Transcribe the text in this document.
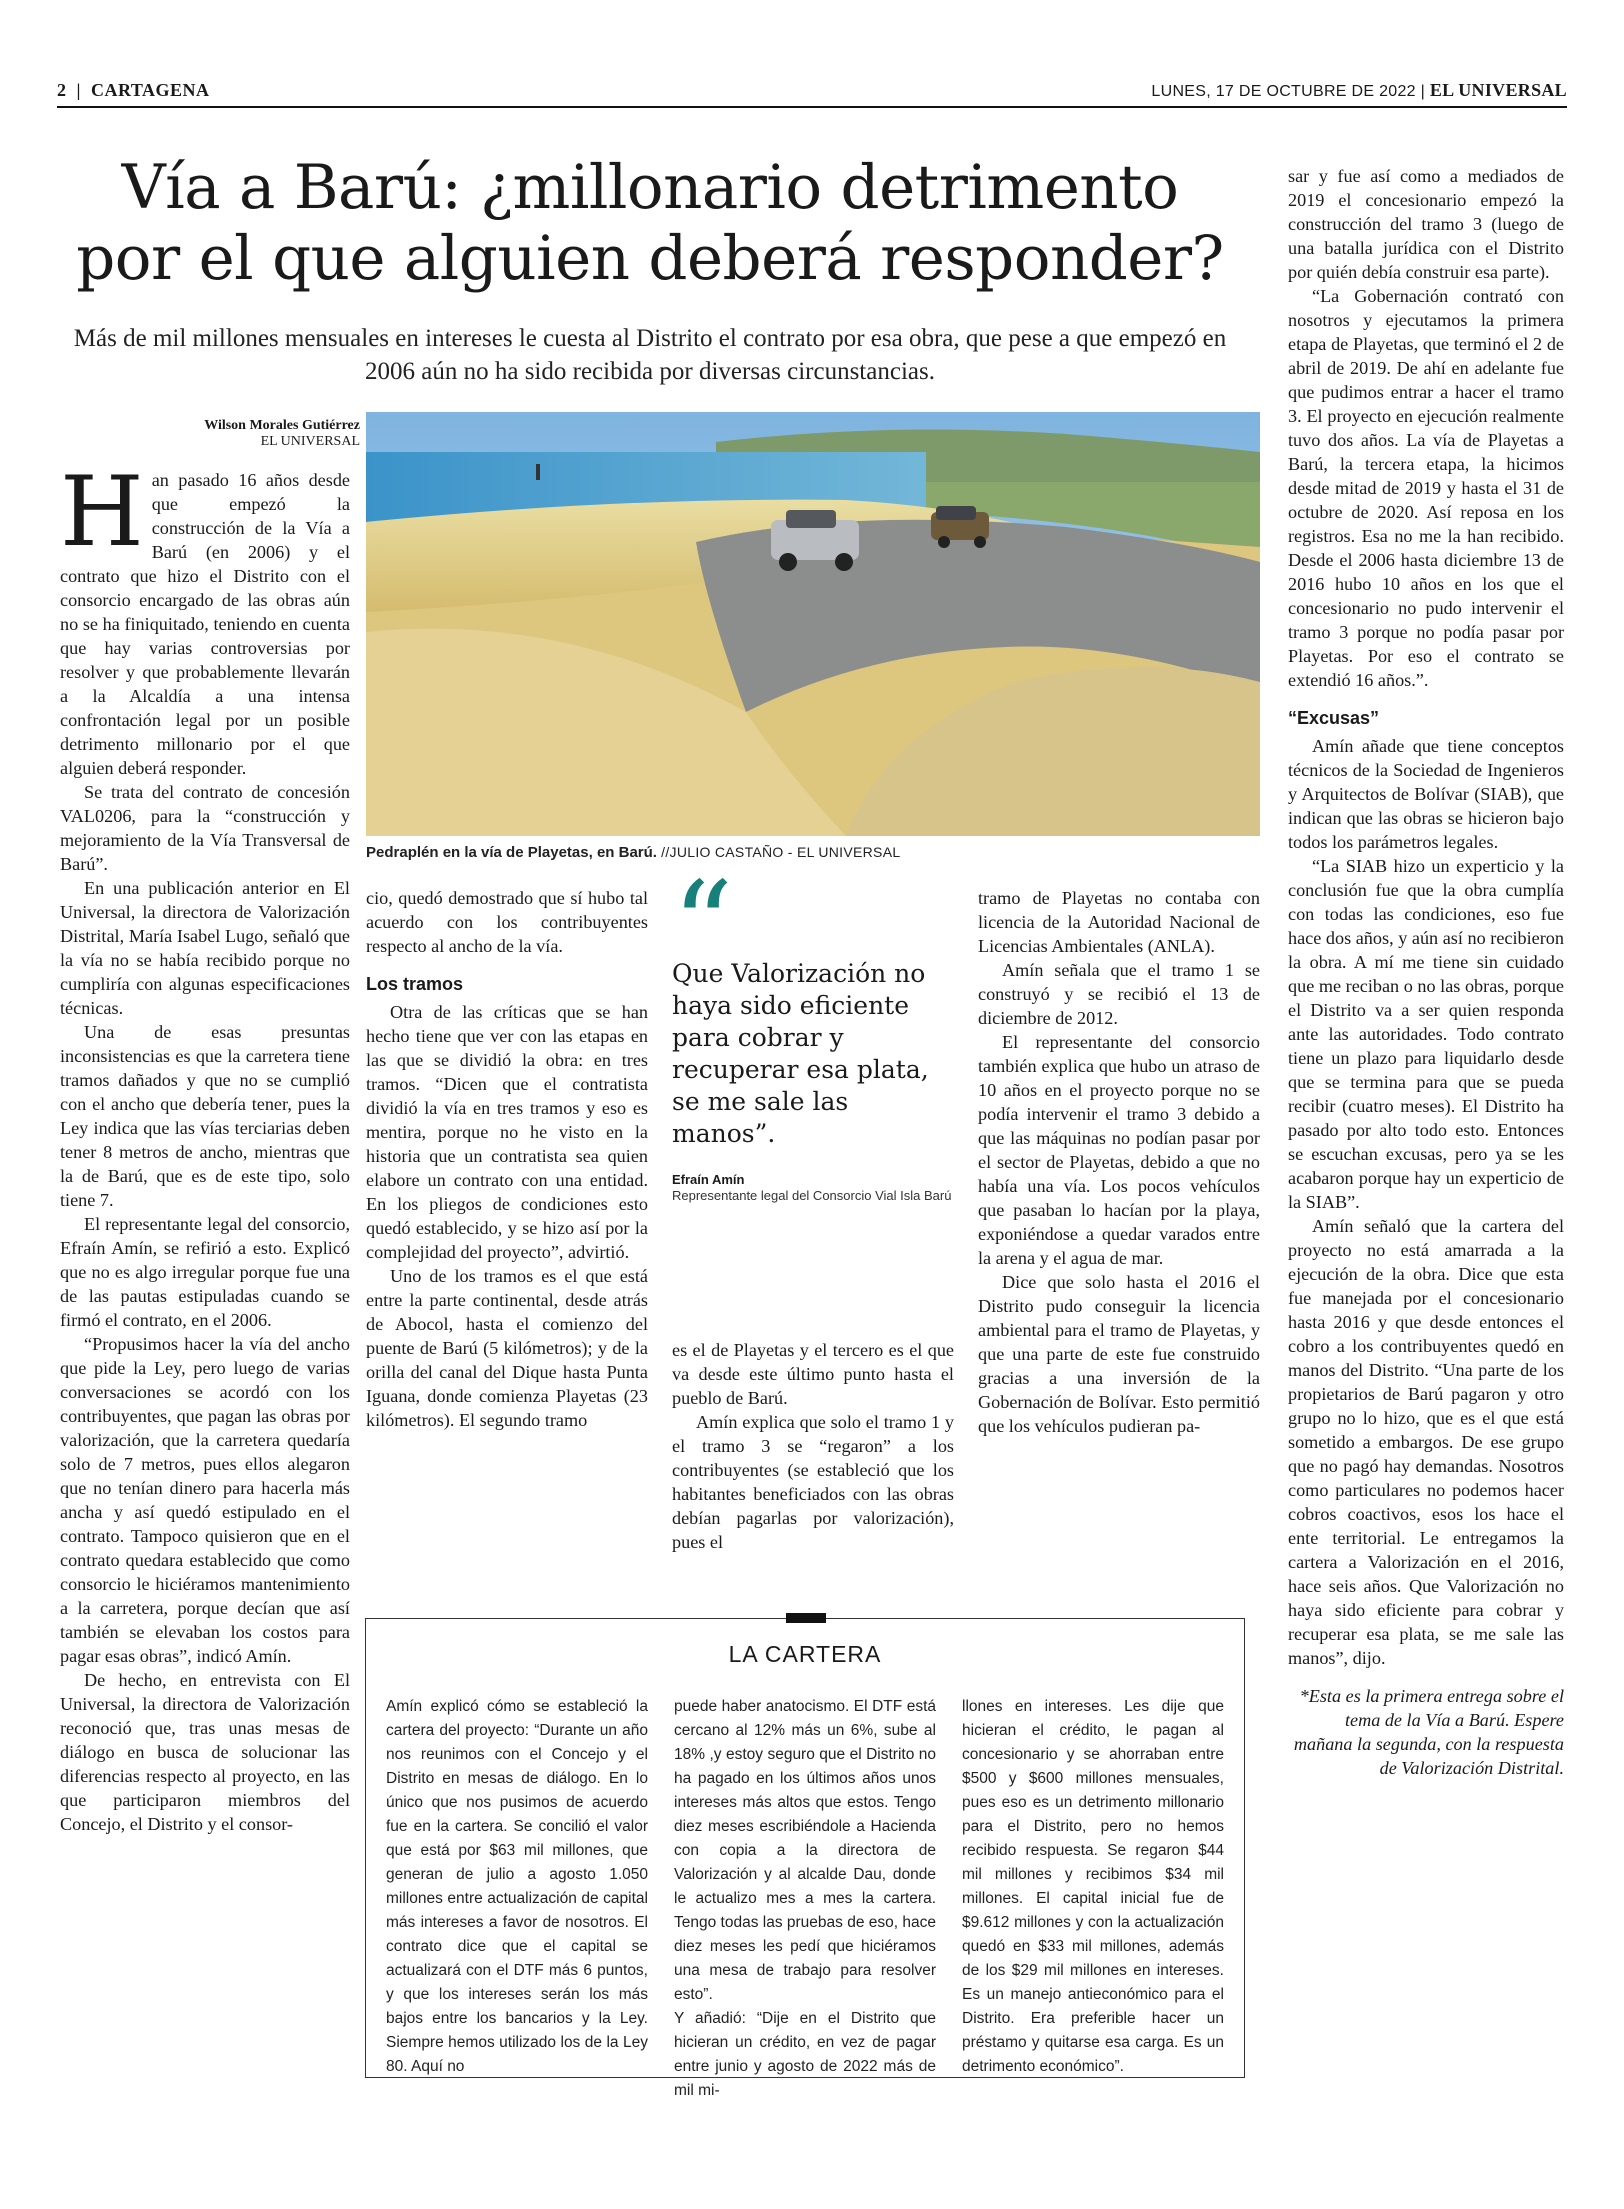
2  |  CARTAGENA	LUNES, 17 DE OCTUBRE DE 2022 | EL UNIVERSAL
Vía a Barú: ¿millonario detrimento
por el que alguien deberá responder?
Más de mil millones mensuales en intereses le cuesta al Distrito el contrato por esa obra, que pese a que empezó en 2006 aún no ha sido recibida por diversas circunstancias.
Wilson Morales Gutiérrez
EL UNIVERSAL
Pedraplén en la vía de Playetas, en Barú. //JULIO CASTAÑO - EL UNIVERSAL
H an pasado 16 años desde que empezó la construcción de la Vía a Barú (en 2006) y el contrato que hizo el Distrito con el consorcio encargado de las obras aún no se ha finiquitado, teniendo en cuenta que hay varias controversias por resolver y que probablemente llevarán a la Alcaldía a una intensa confrontación legal por un posible detrimento millonario por el que alguien deberá responder.

Se trata del contrato de concesión VAL0206, para la “construcción y mejoramiento de la Vía Transversal de Barú”.

En una publicación anterior en El Universal, la directora de Valorización Distrital, María Isabel Lugo, señaló que la vía no se había recibido porque no cumpliría con algunas especificaciones técnicas.

Una de esas presuntas inconsistencias es que la carretera tiene tramos dañados y que no se cumplió con el ancho que debería tener, pues la Ley indica que las vías terciarias deben tener 8 metros de ancho, mientras que la de Barú, que es de este tipo, solo tiene 7.

El representante legal del consorcio, Efraín Amín, se refirió a esto. Explicó que no es algo irregular porque fue una de las pautas estipuladas cuando se firmó el contrato, en el 2006.

“Propusimos hacer la vía del ancho que pide la Ley, pero luego de varias conversaciones se acordó con los contribuyentes, que pagan las obras por valorización, que la carretera quedaría solo de 7 metros, pues ellos alegaron que no tenían dinero para hacerla más ancha y así quedó estipulado en el contrato. Tampoco quisieron que en el contrato quedara establecido que como consorcio le hiciéramos mantenimiento a la carretera, porque decían que así también se elevaban los costos para pagar esas obras”, indicó Amín.

De hecho, en entrevista con El Universal, la directora de Valorización reconoció que, tras unas mesas de diálogo en busca de solucionar las diferencias respecto al proyecto, en las que participaron miembros del Concejo, el Distrito y el consor-

cio, quedó demostrado que sí hubo tal acuerdo con los contribuyentes respecto al ancho de la vía.

Los tramos

Otra de las críticas que se han hecho tiene que ver con las etapas en las que se dividió la obra: en tres tramos. “Dicen que el contratista dividió la vía en tres tramos y eso es mentira, porque no he visto en la historia que un contratista sea quien elabore un contrato con una entidad. En los pliegos de condiciones esto quedó establecido, y se hizo así por la complejidad del proyecto”, advirtió.

Uno de los tramos es el que está entre la parte continental, desde atrás de Abocol, hasta el comienzo del puente de Barú (5 kilómetros); y de la orilla del canal del Dique hasta Punta Iguana, donde comienza Playetas (23 kilómetros). El segundo tramo

“
Que Valorización no haya sido eficiente para cobrar y recuperar esa plata, se me sale las manos”.
Efraín Amín
Representante legal del Consorcio Vial Isla Barú

es el de Playetas y el tercero es el que va desde este último punto hasta el pueblo de Barú.

Amín explica que solo el tramo 1 y el tramo 3 se “regaron” a los contribuyentes (se estableció que los habitantes beneficiados con las obras debían pagarlas por valorización), pues el

tramo de Playetas no contaba con licencia de la Autoridad Nacional de Licencias Ambientales (ANLA).

Amín señala que el tramo 1 se construyó y se recibió el 13 de diciembre de 2012.

El representante del consorcio también explica que hubo un atraso de 10 años en el proyecto porque no se podía intervenir el tramo 3 debido a que las máquinas no podían pasar por el sector de Playetas, debido a que no había una vía. Los pocos vehículos que pasaban lo hacían por la playa, exponiéndose a quedar varados entre la arena y el agua de mar.

Dice que solo hasta el 2016 el Distrito pudo conseguir la licencia ambiental para el tramo de Playetas, y que una parte de este fue construido gracias a una inversión de la Gobernación de Bolívar. Esto permitió que los vehículos pudieran pa-

sar y fue así como a mediados de 2019 el concesionario empezó la construcción del tramo 3 (luego de una batalla jurídica con el Distrito por quién debía construir esa parte).

“La Gobernación contrató con nosotros y ejecutamos la primera etapa de Playetas, que terminó el 2 de abril de 2019. De ahí en adelante fue que pudimos entrar a hacer el tramo 3. El proyecto en ejecución realmente tuvo dos años. La vía de Playetas a Barú, la tercera etapa, la hicimos desde mitad de 2019 y hasta el 31 de octubre de 2020. Así reposa en los registros. Esa no me la han recibido. Desde el 2006 hasta diciembre 13 de 2016 hubo 10 años en los que el concesionario no pudo intervenir el tramo 3 porque no podía pasar por Playetas. Por eso el contrato se extendió 16 años.”.

“Excusas”

Amín añade que tiene conceptos técnicos de la Sociedad de Ingenieros y Arquitectos de Bolívar (SIAB), que indican que las obras se hicieron bajo todos los parámetros legales.

“La SIAB hizo un experticio y la conclusión fue que la obra cumplía con todas las condiciones, eso fue hace dos años, y aún así no recibieron la obra. A mí me tiene sin cuidado que me reciban o no las obras, porque el Distrito va a ser quien responda ante las autoridades. Todo contrato tiene un plazo para liquidarlo desde que se termina para que se pueda recibir (cuatro meses). El Distrito ha pasado por alto todo esto. Entonces se escuchan excusas, pero ya se les acabaron porque hay un experticio de la SIAB”.

Amín señaló que la cartera del proyecto no está amarrada a la ejecución de la obra. Dice que esta fue manejada por el concesionario hasta 2016 y que desde entonces el cobro a los contribuyentes quedó en manos del Distrito. “Una parte de los propietarios de Barú pagaron y otro grupo no lo hizo, que es el que está sometido a embargos. De ese grupo que no pagó hay demandas. Nosotros como particulares no podemos hacer cobros coactivos, esos los hace el ente territorial. Le entregamos la cartera a Valorización en el 2016, hace seis años. Que Valorización no haya sido eficiente para cobrar y recuperar esa plata, se me sale las manos”, dijo.

*Esta es la primera entrega sobre el tema de la Vía a Barú. Espere mañana la segunda, con la respuesta de Valorización Distrital.

LA CARTERA
Amín explicó cómo se estableció la cartera del proyecto: “Durante un año nos reunimos con el Concejo y el Distrito en mesas de diálogo. En lo único que nos pusimos de acuerdo fue en la cartera. Se concilió el valor que está por $63 mil millones, que generan de julio a agosto 1.050 millones entre actualización de capital más intereses a favor de nosotros. El contrato dice que el capital se actualizará con el DTF más 6 puntos, y que los intereses serán los más bajos entre los bancarios y la Ley. Siempre hemos utilizado los de la Ley 80. Aquí no
puede haber anatocismo. El DTF está cercano al 12% más un 6%, sube al 18% ,y estoy seguro que el Distrito no ha pagado en los últimos años unos intereses más altos que estos. Tengo diez meses escribiéndole a Hacienda con copia a la directora de Valorización y al alcalde Dau, donde le actualizo mes a mes la cartera. Tengo todas las pruebas de eso, hace diez meses les pedí que hiciéramos una mesa de trabajo para resolver esto”.
Y añadió: “Dije en el Distrito que hicieran un crédito, en vez de pagar entre junio y agosto de 2022 más de mil mi-
llones en intereses. Les dije que hicieran el crédito, le pagan al concesionario y se ahorraban entre $500 y $600 millones mensuales, pues eso es un detrimento millonario para el Distrito, pero no hemos recibido respuesta. Se regaron $44 mil millones y recibimos $34 mil millones. El capital inicial fue de $9.612 millones y con la actualización quedó en $33 mil millones, además de los $29 mil millones en intereses. Es un manejo antieconómico para el Distrito. Era preferible hacer un préstamo y quitarse esa carga. Es un detrimento económico”.
